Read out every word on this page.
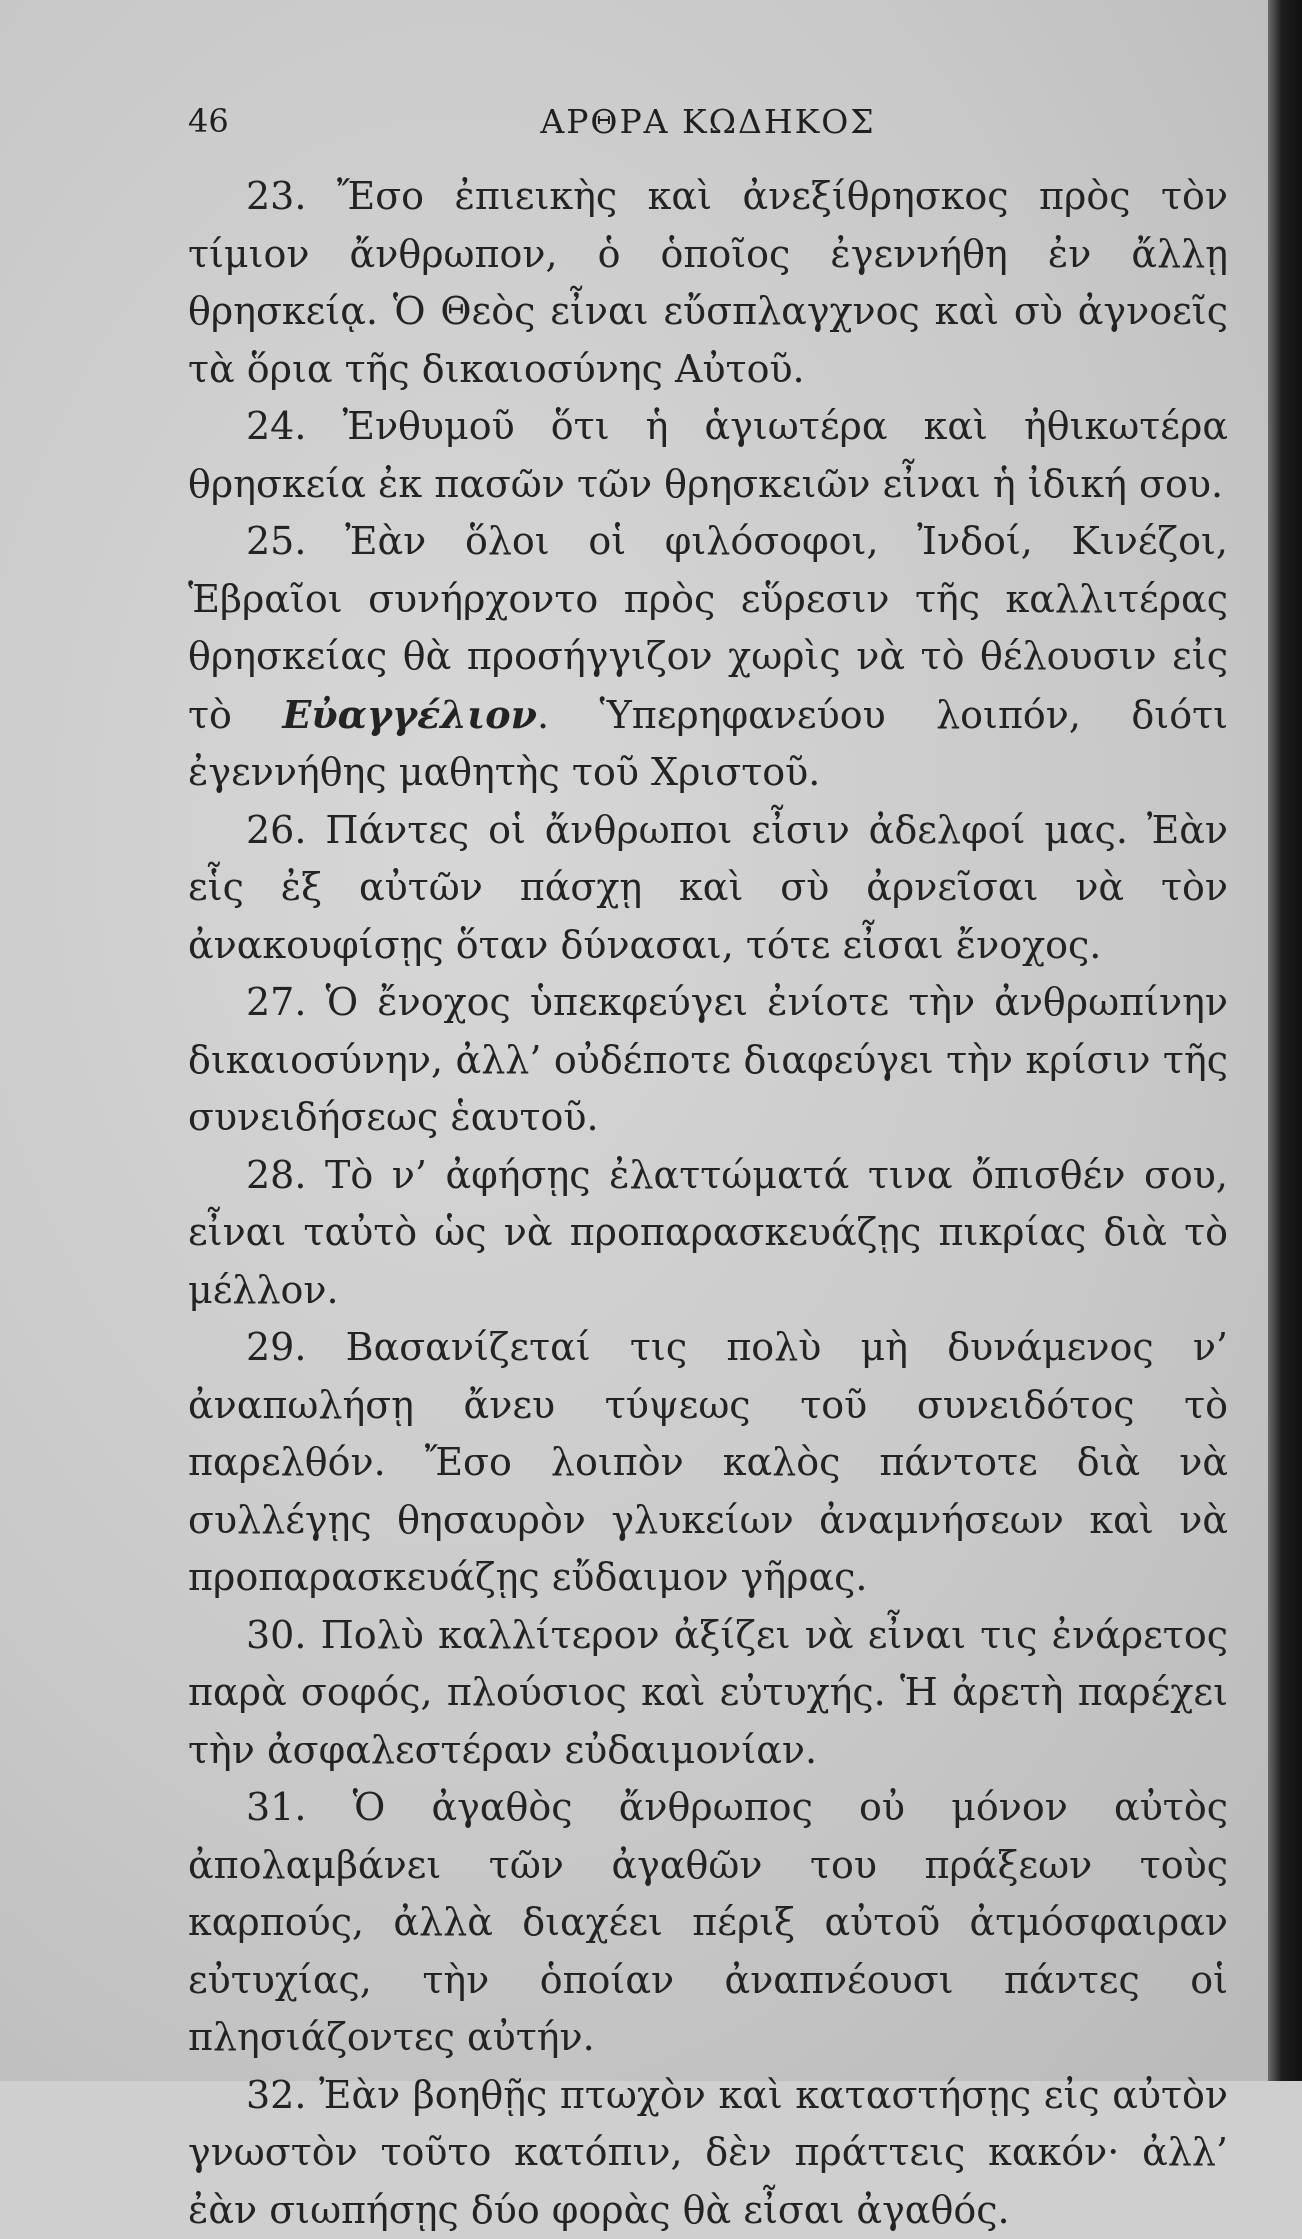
46	ΑΡΘΡΑ ΚΩΔΗΚΟΣ

23. Ἔσο ἐπιεικὴς καὶ ἀνεξίθρησκος πρὸς τὸν τίμιον ἄνθρωπον, ὁ ὁποῖος ἐγεννήθη ἐν ἄλλῃ θρησκείᾳ. Ὁ Θεὸς εἶναι εὔσπλαγχνος καὶ σὺ ἀγνοεῖς τὰ ὅρια τῆς δικαιοσύνης Αὐτοῦ.

24. Ἐνθυμοῦ ὅτι ἡ ἁγιωτέρα καὶ ἠθικωτέρα θρησκεία ἐκ πασῶν τῶν θρησκειῶν εἶναι ἡ ἰδική σου.

25. Ἐὰν ὅλοι οἱ φιλόσοφοι, Ἰνδοί, Κινέζοι, Ἑβραῖοι συνήρχοντο πρὸς εὕρεσιν τῆς καλλιτέρας θρησκείας θὰ προσήγγιζον χωρὶς νὰ τὸ θέλουσιν εἰς τὸ Εὐαγγέλιον. Ὑπερηφανεύου λοιπόν, διότι ἐγεννήθης μαθητὴς τοῦ Χριστοῦ.

26. Πάντες οἱ ἄνθρωποι εἶσιν ἀδελφοί μας. Ἐὰν εἷς ἐξ αὐτῶν πάσχῃ καὶ σὺ ἀρνεῖσαι νὰ τὸν ἀνακουφίσῃς ὅταν δύνασαι, τότε εἶσαι ἔνοχος.

27. Ὁ ἔνοχος ὑπεκφεύγει ἐνίοτε τὴν ἀνθρωπίνην δικαιοσύνην, ἀλλ’ οὐδέποτε διαφεύγει τὴν κρίσιν τῆς συνειδήσεως ἑαυτοῦ.

28. Τὸ ν’ ἀφήσῃς ἐλαττώματά τινα ὄπισθέν σου, εἶναι ταὐτὸ ὡς νὰ προπαρασκευάζῃς πικρίας διὰ τὸ μέλλον.

29. Βασανίζεταί τις πολὺ μὴ δυνάμενος ν’ ἀναπωλήσῃ ἄνευ τύψεως τοῦ συνειδότος τὸ παρελθόν. Ἔσο λοιπὸν καλὸς πάντοτε διὰ νὰ συλλέγῃς θησαυρὸν γλυκείων ἀναμνήσεων καὶ νὰ προπαρασκευάζῃς εὔδαιμον γῆρας.

30. Πολὺ καλλίτερον ἀξίζει νὰ εἶναι τις ἐνάρετος παρὰ σοφός, πλούσιος καὶ εὐτυχής. Ἡ ἀρετὴ παρέχει τὴν ἀσφαλεστέραν εὐδαιμονίαν.

31. Ὁ ἀγαθὸς ἄνθρωπος οὐ μόνον αὐτὸς ἀπολαμβάνει τῶν ἀγαθῶν του πράξεων τοὺς καρπούς, ἀλλὰ διαχέει πέριξ αὐτοῦ ἀτμόσφαιραν εὐτυχίας, τὴν ὁποίαν ἀναπνέουσι πάντες οἱ πλησιάζοντες αὐτήν.

32. Ἐὰν βοηθῇς πτωχὸν καὶ καταστήσῃς εἰς αὐτὸν γνωστὸν τοῦτο κατόπιν, δὲν πράττεις κακόν· ἀλλ’ ἐὰν σιωπήσῃς δύο φορὰς θὰ εἶσαι ἀγαθός.
